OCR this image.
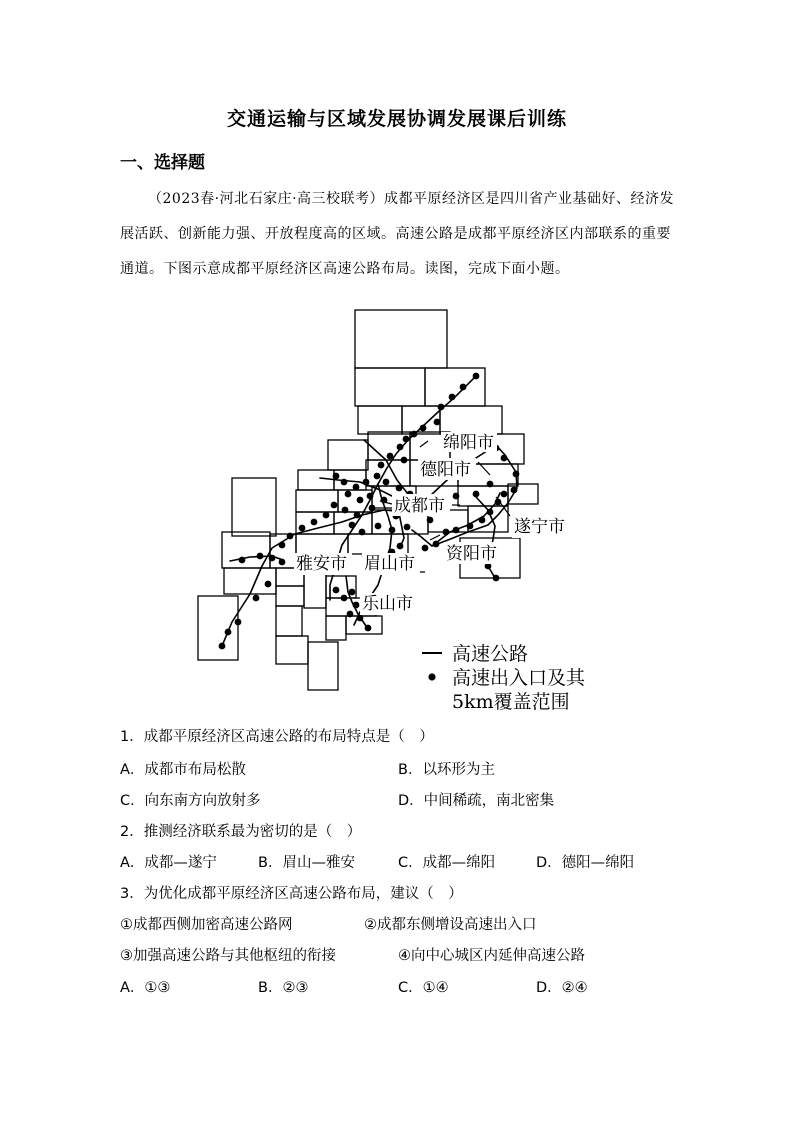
交通运输与区域发展协调发展课后训练
一、选择题
（2023春·河北石家庄·高三校联考）成都平原经济区是四川省产业基础好、经济发展活跃、创新能力强、开放程度高的区域。高速公路是成都平原经济区内部联系的重要通道。下图示意成都平原经济区高速公路布局。读图，完成下面小题。
绵阳市
德阳市
成都市
遂宁市
资阳市
雅安市 眉山市
乐山市
高速公路
高速出入口及其
5km覆盖范围
1．成都平原经济区高速公路的布局特点是（　）
A．成都市布局松散	B．以环形为主
C．向东南方向放射多	D．中间稀疏，南北密集
2．推测经济联系最为密切的是（　）
A．成都—遂宁	B．眉山—雅安	C．成都—绵阳	D．德阳—绵阳
3．为优化成都平原经济区高速公路布局，建议（　）
①成都西侧加密高速公路网	②成都东侧增设高速出入口
③加强高速公路与其他枢纽的衔接	④向中心城区内延伸高速公路
A．①③	B．②③	C．①④	D．②④
